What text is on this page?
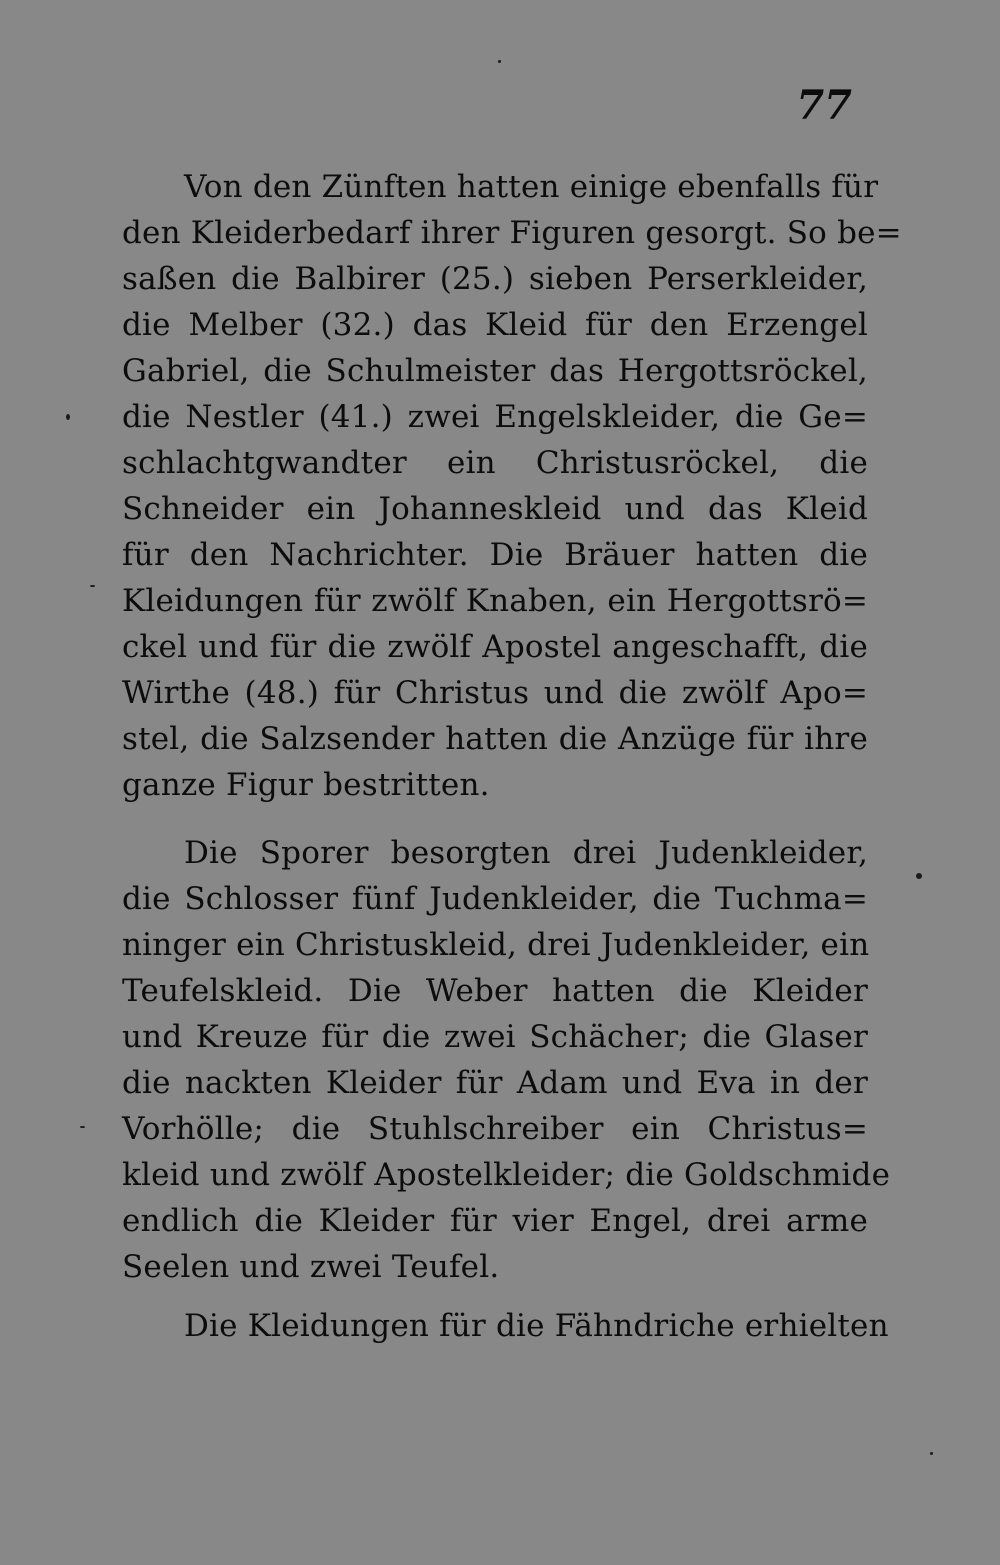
77
Von den Zünften hatten einige ebenfalls für
den Kleiderbedarf ihrer Figuren gesorgt. So be=
saßen die Balbirer (25.) sieben Perserkleider,
die Melber (32.) das Kleid für den Erzengel
Gabriel, die Schulmeister das Hergottsröckel,
die Nestler (41.) zwei Engelskleider, die Ge=
schlachtgwandter ein Christusröckel, die
Schneider ein Johanneskleid und das Kleid
für den Nachrichter. Die Bräuer hatten die
Kleidungen für zwölf Knaben, ein Hergottsrö=
ckel und für die zwölf Apostel angeschafft, die
Wirthe (48.) für Christus und die zwölf Apo=
stel, die Salzsender hatten die Anzüge für ihre
ganze Figur bestritten.
Die Sporer besorgten drei Judenkleider,
die Schlosser fünf Judenkleider, die Tuchma=
ninger ein Christuskleid, drei Judenkleider, ein
Teufelskleid. Die Weber hatten die Kleider
und Kreuze für die zwei Schächer; die Glaser
die nackten Kleider für Adam und Eva in der
Vorhölle; die Stuhlschreiber ein Christus=
kleid und zwölf Apostelkleider; die Goldschmide
endlich die Kleider für vier Engel, drei arme
Seelen und zwei Teufel.
Die Kleidungen für die Fähndriche erhielten
